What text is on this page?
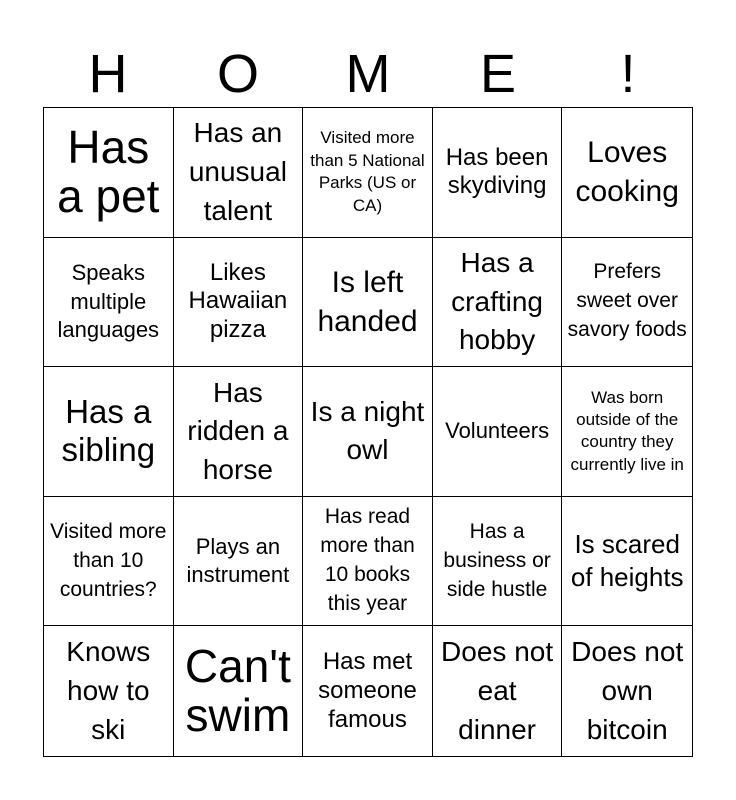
H	O	M	E	!
Has a pet
Has an unusual talent
Visited more than 5 National Parks (US or CA)
Has been skydiving
Loves cooking
Speaks multiple languages
Likes Hawaiian pizza
Is left handed
Has a crafting hobby
Prefers sweet over savory foods
Has a sibling
Has ridden a horse
Is a night owl
Volunteers
Was born outside of the country they currently live in
Visited more than 10 countries?
Plays an instrument
Has read more than 10 books this year
Has a business or side hustle
Is scared of heights
Knows how to ski
Can't swim
Has met someone famous
Does not eat dinner
Does not own bitcoin
